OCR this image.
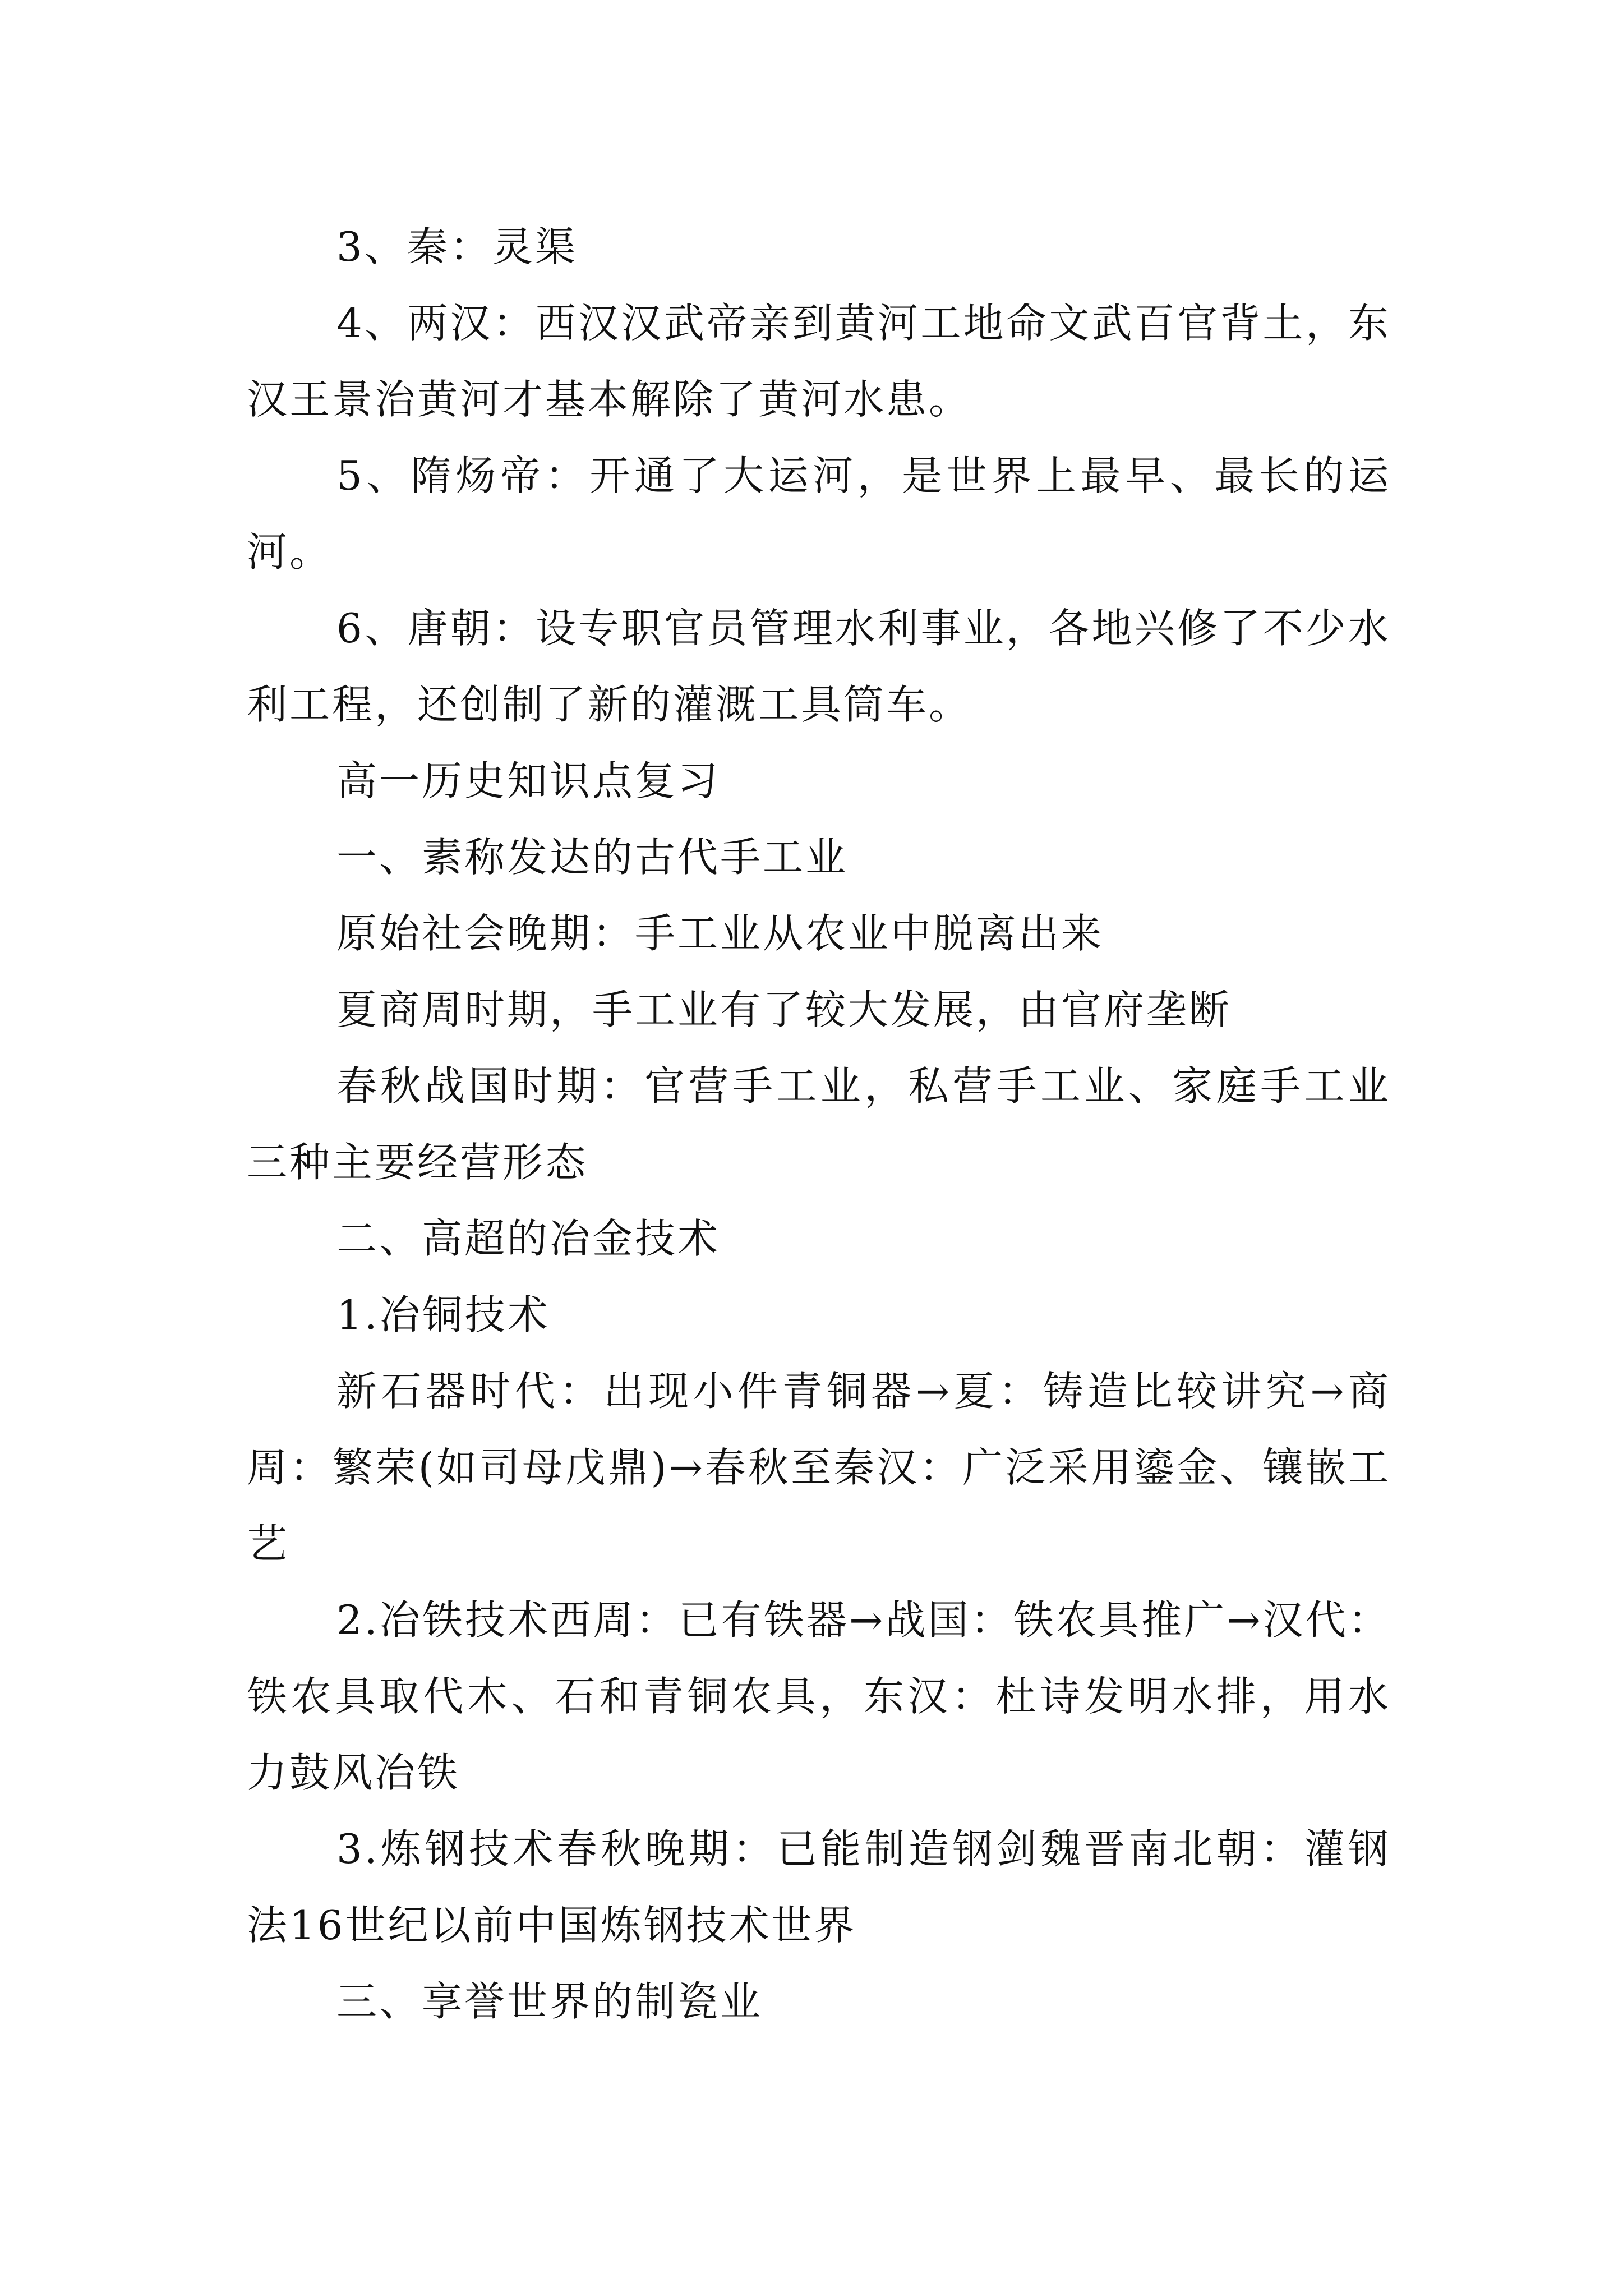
3、秦：灵渠

4、两汉：西汉汉武帝亲到黄河工地命文武百官背土，东汉王景治黄河才基本解除了黄河水患。

5、隋炀帝：开通了大运河，是世界上最早、最长的运河。

6、唐朝：设专职官员管理水利事业，各地兴修了不少水利工程，还创制了新的灌溉工具筒车。

高一历史知识点复习

一、素称发达的古代手工业

原始社会晚期：手工业从农业中脱离出来

夏商周时期，手工业有了较大发展，由官府垄断

春秋战国时期：官营手工业，私营手工业、家庭手工业三种主要经营形态

二、高超的冶金技术

1.冶铜技术

新石器时代：出现小件青铜器→夏：铸造比较讲究→商周：繁荣(如司母戊鼎)→春秋至秦汉：广泛采用鎏金、镶嵌工艺

2.冶铁技术西周：已有铁器→战国：铁农具推广→汉代：铁农具取代木、石和青铜农具，东汉：杜诗发明水排，用水力鼓风冶铁

3.炼钢技术春秋晚期：已能制造钢剑魏晋南北朝：灌钢法16世纪以前中国炼钢技术世界

三、享誉世界的制瓷业
